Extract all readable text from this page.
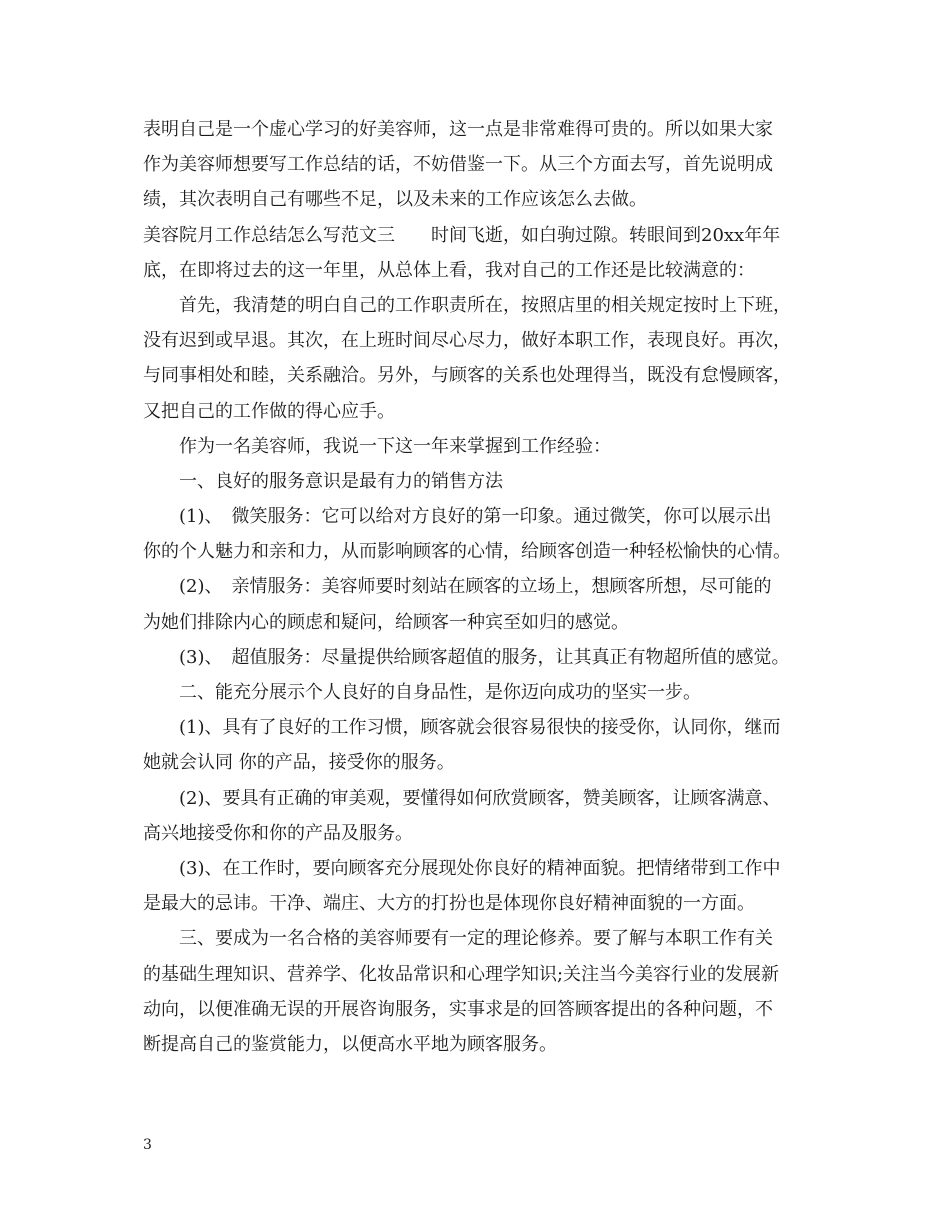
表明自己是一个虚心学习的好美容师，这一点是非常难得可贵的。所以如果大家
作为美容师想要写工作总结的话，不妨借鉴一下。从三个方面去写，首先说明成
绩，其次表明自己有哪些不足，以及未来的工作应该怎么去做。
美容院月工作总结怎么写范文三　　时间飞逝，如白驹过隙。转眼间到20xx年年
底，在即将过去的这一年里，从总体上看，我对自己的工作还是比较满意的：
首先，我清楚的明白自己的工作职责所在，按照店里的相关规定按时上下班，
没有迟到或早退。其次，在上班时间尽心尽力，做好本职工作，表现良好。再次，
与同事相处和睦，关系融洽。另外，与顾客的关系也处理得当，既没有怠慢顾客，
又把自己的工作做的得心应手。
作为一名美容师，我说一下这一年来掌握到工作经验：
一、良好的服务意识是最有力的销售方法
(1)、　微笑服务：它可以给对方良好的第一印象。通过微笑，你可以展示出
你的个人魅力和亲和力，从而影响顾客的心情，给顾客创造一种轻松愉快的心情。
(2)、　亲情服务：美容师要时刻站在顾客的立场上，想顾客所想，尽可能的
为她们排除内心的顾虑和疑问，给顾客一种宾至如归的感觉。
(3)、　超值服务：尽量提供给顾客超值的服务，让其真正有物超所值的感觉。
二、能充分展示个人良好的自身品性，是你迈向成功的坚实一步。
(1)、具有了良好的工作习惯，顾客就会很容易很快的接受你，认同你，继而
她就会认同 你的产品，接受你的服务。
(2)、要具有正确的审美观，要懂得如何欣赏顾客，赞美顾客，让顾客满意、
高兴地接受你和你的产品及服务。
(3)、在工作时，要向顾客充分展现处你良好的精神面貌。把情绪带到工作中
是最大的忌讳。干净、端庄、大方的打扮也是体现你良好精神面貌的一方面。
三、要成为一名合格的美容师要有一定的理论修养。要了解与本职工作有关
的基础生理知识、营养学、化妆品常识和心理学知识;关注当今美容行业的发展新
动向，以便准确无误的开展咨询服务，实事求是的回答顾客提出的各种问题，不
断提高自己的鉴赏能力，以便高水平地为顾客服务。
3
